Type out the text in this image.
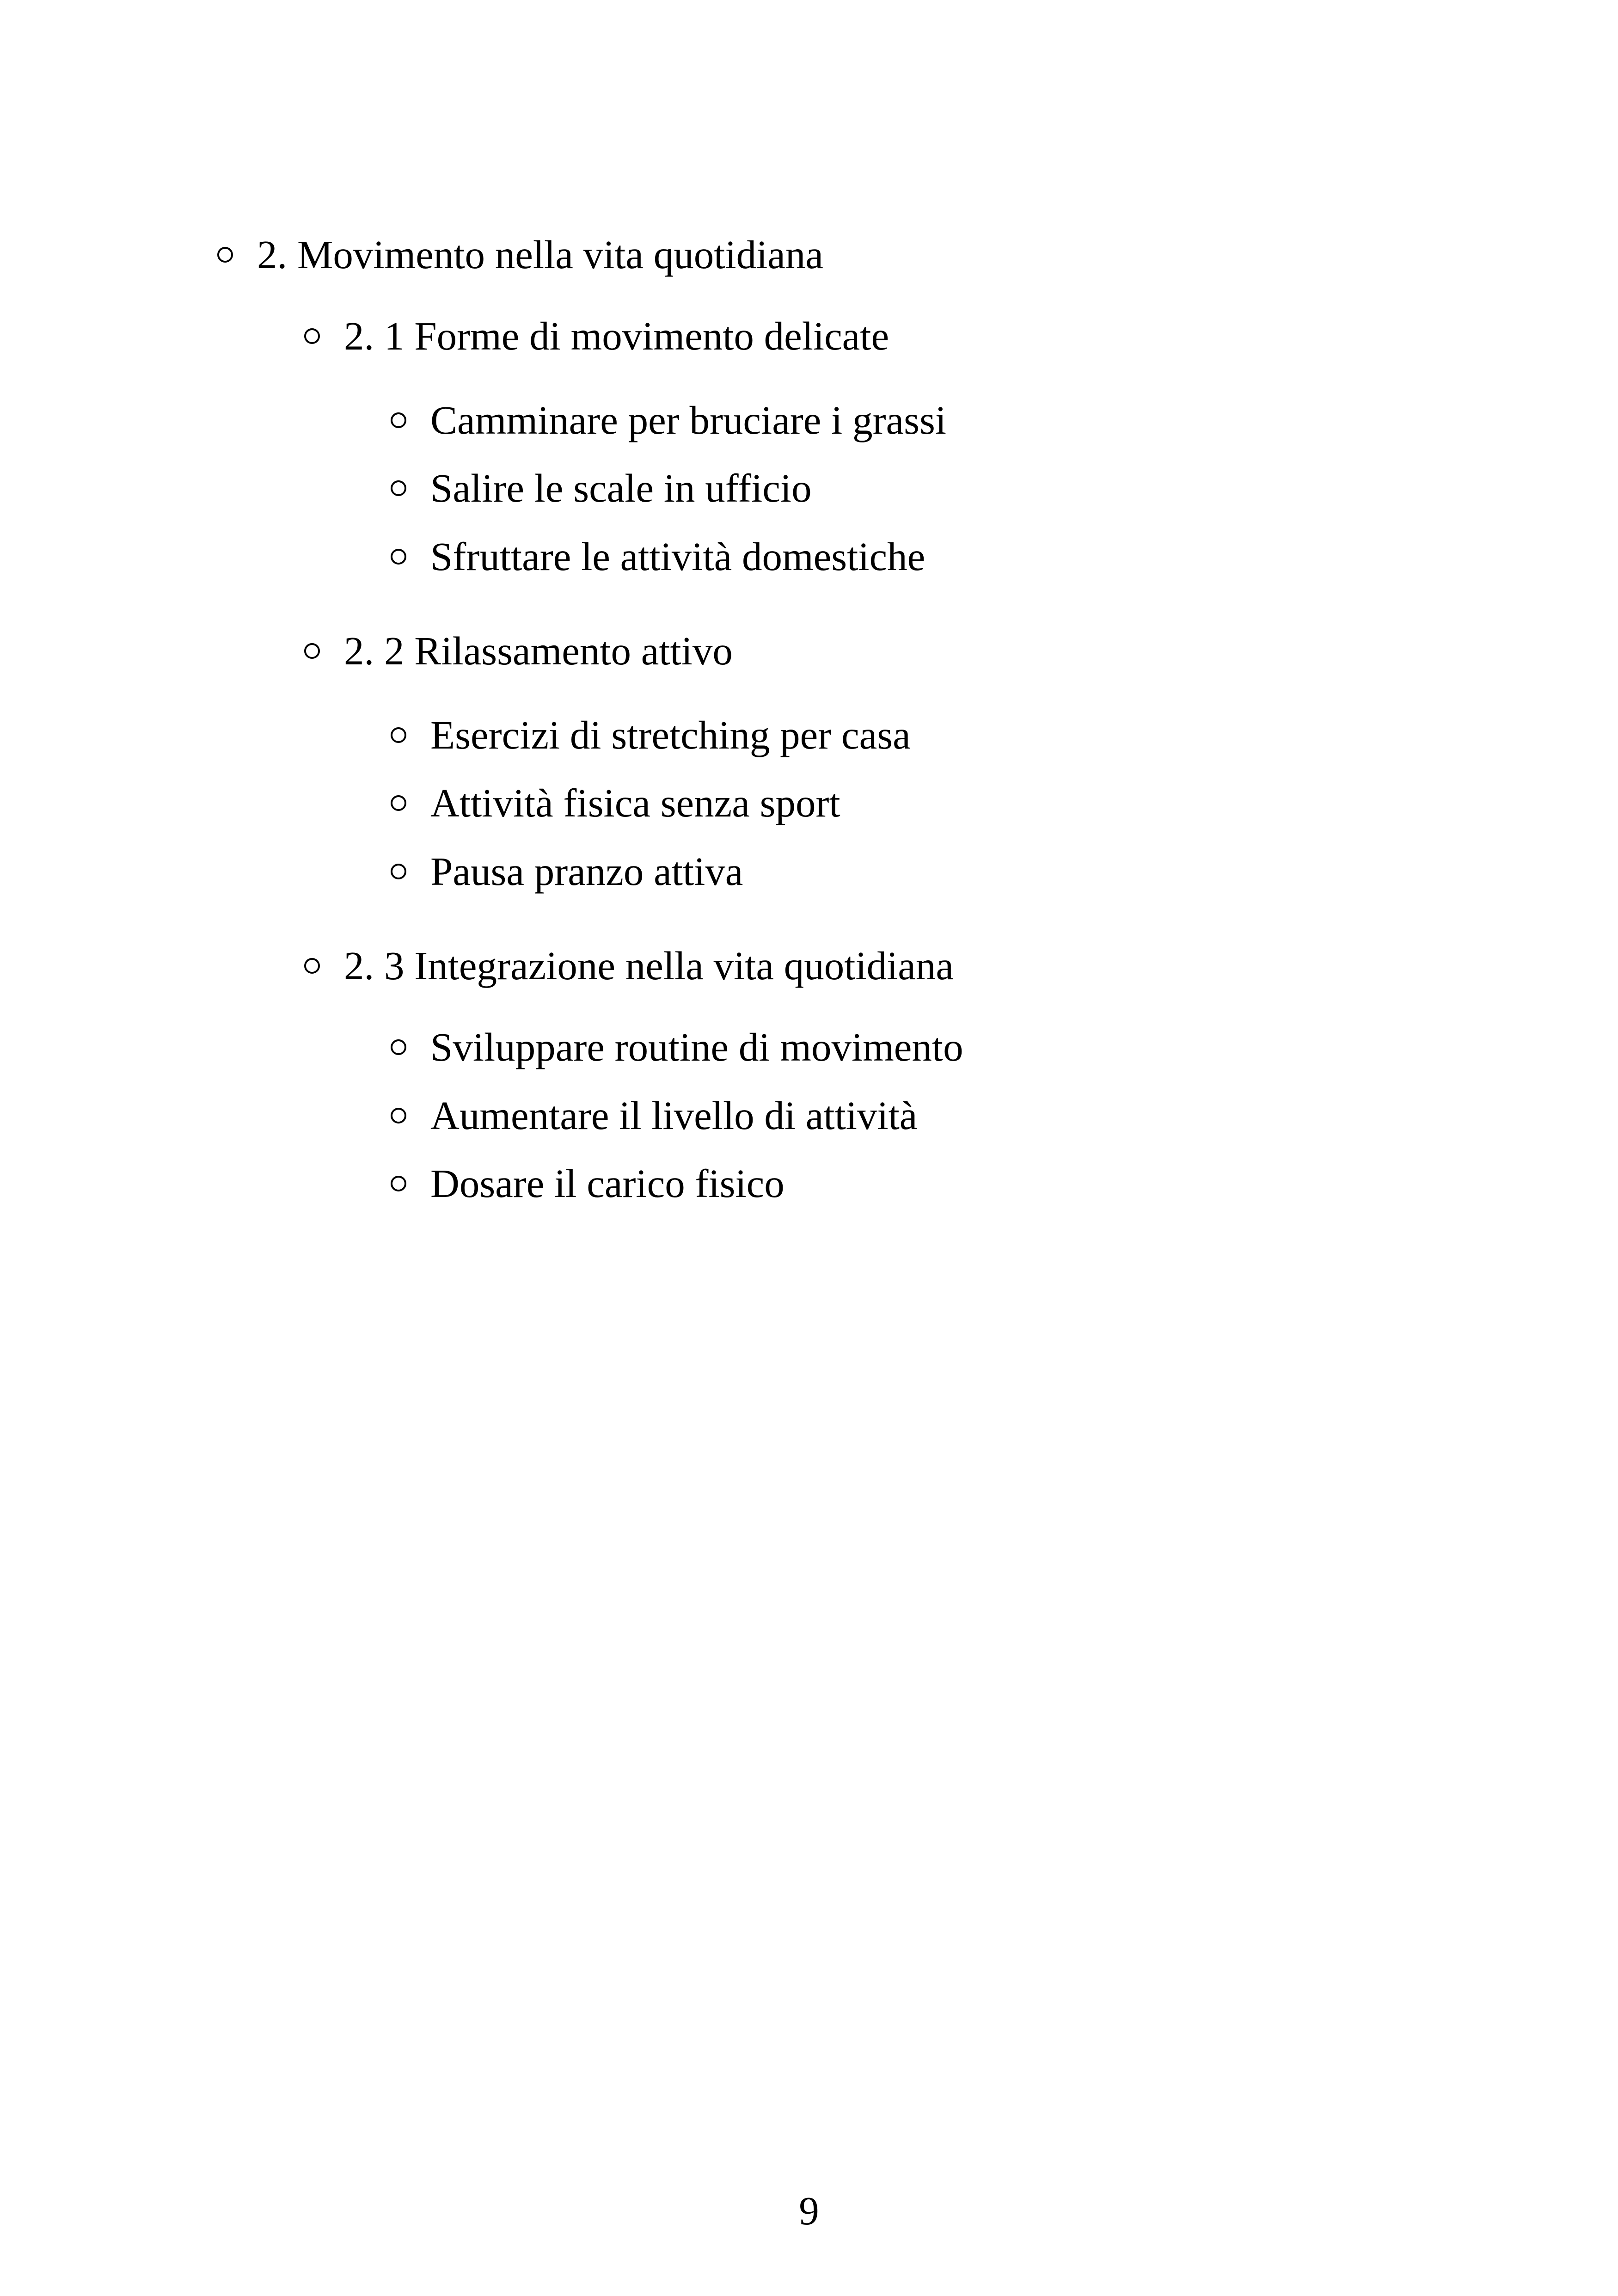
2. Movimento nella vita quotidiana
2. 1 Forme di movimento delicate
Camminare per bruciare i grassi
Salire le scale in ufficio
Sfruttare le attività domestiche
2. 2 Rilassamento attivo
Esercizi di stretching per casa
Attività fisica senza sport
Pausa pranzo attiva
2. 3 Integrazione nella vita quotidiana
Sviluppare routine di movimento
Aumentare il livello di attività
Dosare il carico fisico
9
